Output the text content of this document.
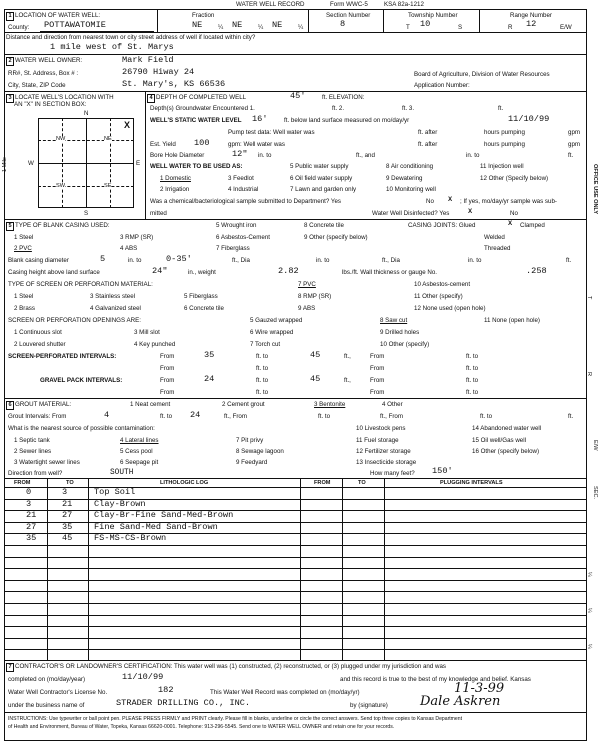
WATER WELL RECORD	Form WWC-5	KSA 82a-1212
1 LOCATION OF WATER WELL:
County: POTTAWATOMIE
Fraction
NE	¼ NE	¼ NE	¼
Section Number
8
Township Number
T 10	S
Range Number
R 12	E/W
Distance and direction from nearest town or city street address of well if located within city?
1 mile west of St. Marys
2 WATER WELL OWNER:	Mark Field
RR#, St. Address, Box # :	26790 Hiway 24	Board of Agriculture, Division of Water Resources
City, State, ZIP Code	St. Mary's, KS 66536	Application Number:
3 LOCATE WELL'S LOCATION WITH
AN "X" IN SECTION BOX:
N
S
W	E
1 Mile
NW	NE
SW	SE
X
4 DEPTH OF COMPLETED WELL	45'	ft. ELEVATION:
Depth(s) Groundwater Encountered 1.	ft. 2.	ft. 3.	ft.
WELL'S STATIC WATER LEVEL 16'	ft. below land surface measured on mo/day/yr	11/10/99
Pump test data: Well water was	ft. after	hours pumping	gpm
Est. Yield 100	gpm: Well water was	ft. after	hours pumping	gpm
Bore Hole Diameter	12" in. to	ft., and	in. to	ft.
WELL WATER TO BE USED AS:
1 Domestic
2 Irrigation
3 Feedlot
4 Industrial
5 Public water supply
6 Oil field water supply
7 Lawn and garden only
8 Air conditioning
9 Dewatering
10 Monitoring well
11 Injection well
12 Other (Specify below)
Was a chemical/bacteriological sample submitted to Department? Yes	No X ; If yes, mo/day/yr sample was sub-
mitted	Water Well Disinfected? Yes	X	No
5 TYPE OF BLANK CASING USED:
1 Steel
2 PVC
3 RMP (SR)
4 ABS
5 Wrought iron
6 Asbestos-Cement
7 Fiberglass
8 Concrete tile
9 Other (specify below)
CASING JOINTS: Glued	X Clamped
Welded
Threaded
Blank casing diameter	5	in. to	0-35'	ft., Dia	in. to	ft., Dia	in. to	ft.
Casing height above land surface	24"	in., weight	2.82	lbs./ft. Wall thickness or gauge No.	.258
TYPE OF SCREEN OR PERFORATION MATERIAL:
1 Steel
2 Brass
3 Stainless steel
4 Galvanized steel
5 Fiberglass
6 Concrete tile
7 PVC
8 RMP (SR)
9 ABS
10 Asbestos-cement
11 Other (specify)
12 None used (open hole)
SCREEN OR PERFORATION OPENINGS ARE:
1 Continuous slot
2 Louvered shutter
3 Mill slot
4 Key punched
5 Gauzed wrapped
6 Wire wrapped
7 Torch cut
8 Saw cut
9 Drilled holes
10 Other (specify)
11 None (open hole)
SCREEN-PERFORATED INTERVALS:	From	35	ft. to	45	ft.,	From	ft. to
From	ft. to	From	ft. to
GRAVEL PACK INTERVALS:	From	24	ft. to	45	ft.,	From	ft. to
From	ft. to	From	ft. to
6 GROUT MATERIAL:	1 Neat cement	2 Cement grout	3 Bentonite	4 Other
Grout Intervals: From	4	ft. to 24	ft., From	ft. to	ft., From	ft. to	ft.
What is the nearest source of possible contamination:
1 Septic tank
2 Sewer lines
3 Watertight sewer lines
4 Lateral lines
5 Cess pool
6 Seepage pit
7 Pit privy
8 Sewage lagoon
9 Feedyard
10 Livestock pens
11 Fuel storage
12 Fertilizer storage
13 Insecticide storage
14 Abandoned water well
15 Oil well/Gas well
16 Other (specify below)
Direction from well?	SOUTH	How many feet? 150'
FROM	TO	LITHOLOGIC LOG	FROM	TO	PLUGGING INTERVALS
0	3	Top Soil
3	21	Clay-Brown
21	27	Clay-Br-Fine Sand-Med-Brown
27	35	Fine Sand-Med Sand-Brown
35	45	FS-MS-CS-Brown
7 CONTRACTOR'S OR LANDOWNER'S CERTIFICATION: This water well was (1) constructed, (2) reconstructed, or (3) plugged under my jurisdiction and was
completed on (mo/day/year)	11/10/99	and this record is true to the best of my knowledge and belief. Kansas
Water Well Contractor's License No.	182	This Water Well Record was completed on (mo/day/yr)	11-3-99
under the business name of	STRADER DRILLING CO., INC.	by (signature) Dale Askren
INSTRUCTIONS: Use typewriter or ball point pen. PLEASE PRESS FIRMLY and PRINT clearly. Please fill in blanks, underline or circle the correct answers. Send top three copies to Kansas Department
of Health and Environment, Bureau of Water, Topeka, Kansas 66620-0001. Telephone: 913-296-5545. Send one to WATER WELL OWNER and retain one for your records.
OFFICE USE ONLY
T
R
E/W
SEC.
¼
¼
¼
